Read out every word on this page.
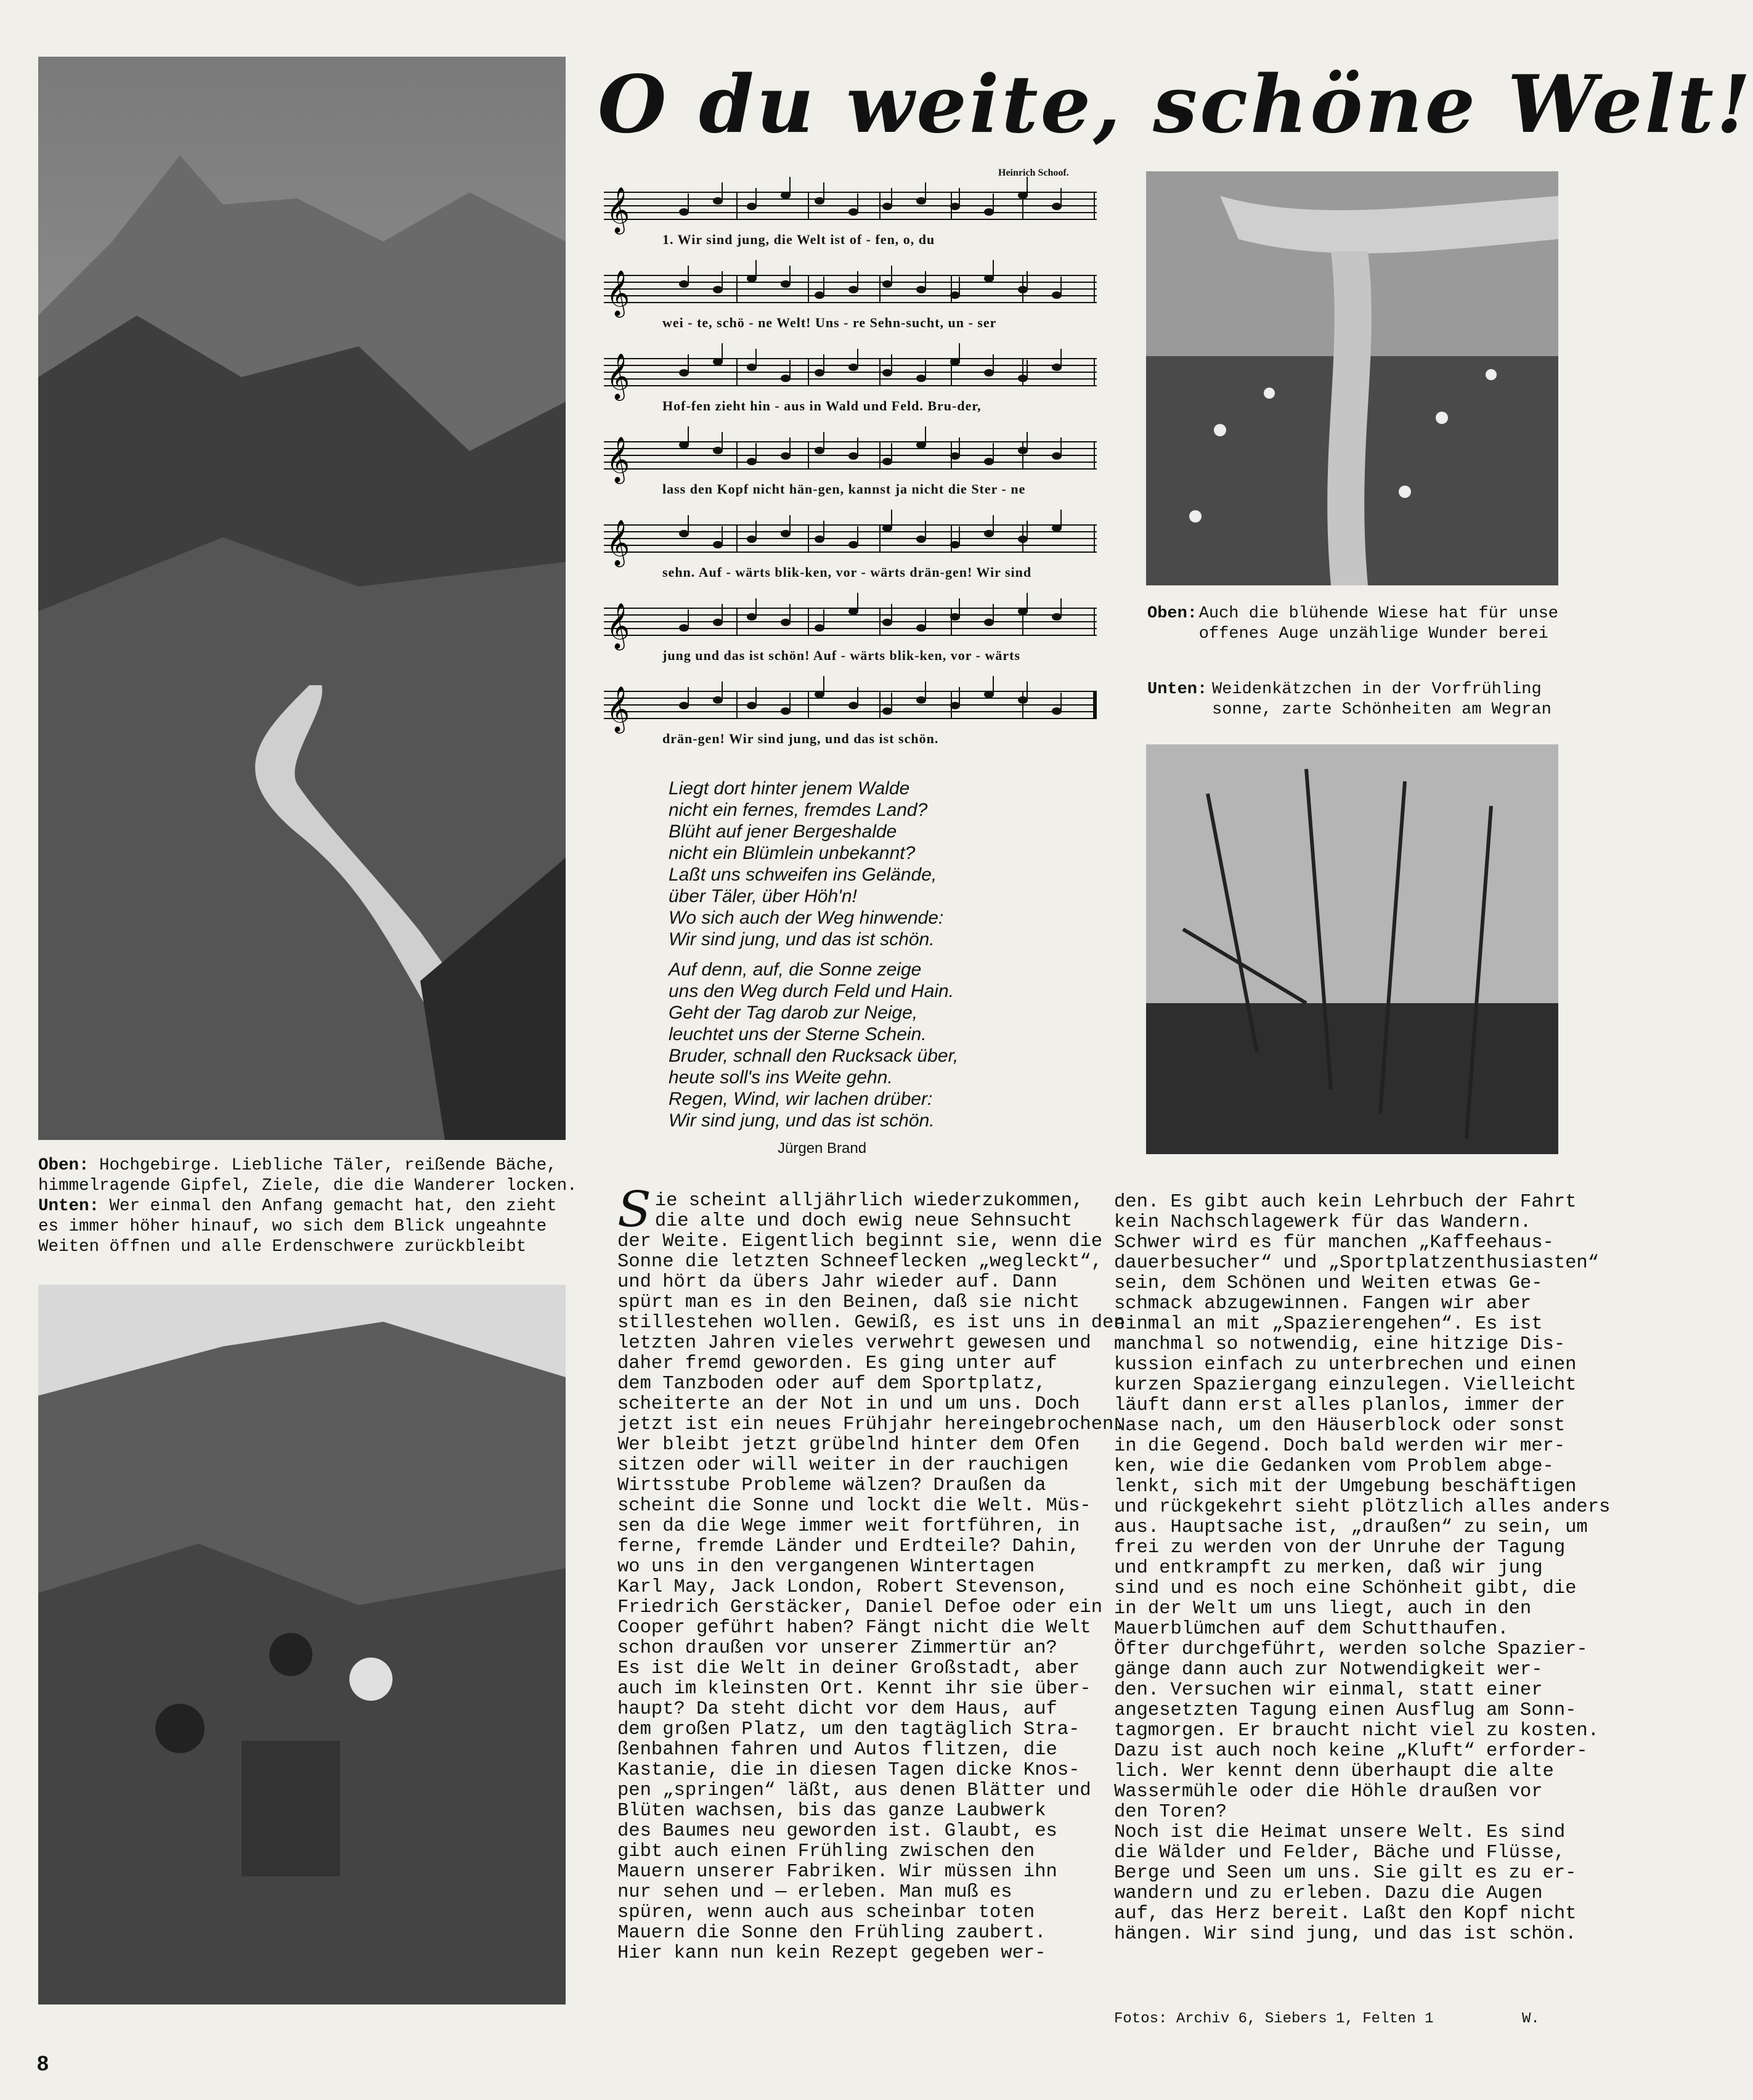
O du weite, schöne Welt!
Heinrich Schoof.
𝄞
1. Wir sind jung, die Welt ist of - fen, o, du
𝄞
wei - te, schö - ne Welt! Uns - re Sehn-sucht, un - ser
𝄞
Hof-fen zieht hin - aus in Wald und Feld. Bru-der,
𝄞
lass den Kopf nicht hän-gen, kannst ja nicht die Ster - ne
𝄞
sehn. Auf - wärts blik-ken, vor - wärts drän-gen! Wir sind
𝄞
jung und das ist schön! Auf - wärts blik-ken, vor - wärts
𝄞
drän-gen! Wir sind jung, und das ist schön.
Liegt dort hinter jenem Walde
nicht ein fernes, fremdes Land?
Blüht auf jener Bergeshalde
nicht ein Blümlein unbekannt?
Laßt uns schweifen ins Gelände,
über Täler, über Höh'n!
Wo sich auch der Weg hinwende:
Wir sind jung, und das ist schön.
Auf denn, auf, die Sonne zeige
uns den Weg durch Feld und Hain.
Geht der Tag darob zur Neige,
leuchtet uns der Sterne Schein.
Bruder, schnall den Rucksack über,
heute soll's ins Weite gehn.
Regen, Wind, wir lachen drüber:
Wir sind jung, und das ist schön.
Jürgen Brand
Oben: Hochgebirge. Liebliche Täler, reißende Bäche,
himmelragende Gipfel, Ziele, die die Wanderer locken.
Unten: Wer einmal den Anfang gemacht hat, den zieht
es immer höher hinauf, wo sich dem Blick ungeahnte
Weiten öffnen und alle Erdenschwere zurückbleibt
Oben: Auch die blühende Wiese hat für unse
offenes Auge unzählige Wunder berei
Unten: Weidenkätzchen in der Vorfrühling
sonne, zarte Schönheiten am Wegran
S ie scheint alljährlich wiederzukommen,
die alte und doch ewig neue Sehnsucht
der Weite. Eigentlich beginnt sie, wenn die
Sonne die letzten Schneeflecken „wegleckt“,
und hört da übers Jahr wieder auf. Dann
spürt man es in den Beinen, daß sie nicht
stillestehen wollen. Gewiß, es ist uns in den
letzten Jahren vieles verwehrt gewesen und
daher fremd geworden. Es ging unter auf
dem Tanzboden oder auf dem Sportplatz,
scheiterte an der Not in und um uns. Doch
jetzt ist ein neues Frühjahr hereingebrochen.
Wer bleibt jetzt grübelnd hinter dem Ofen
sitzen oder will weiter in der rauchigen
Wirtsstube Probleme wälzen? Draußen da
scheint die Sonne und lockt die Welt. Müs-
sen da die Wege immer weit fortführen, in
ferne, fremde Länder und Erdteile? Dahin,
wo uns in den vergangenen Wintertagen
Karl May, Jack London, Robert Stevenson,
Friedrich Gerstäcker, Daniel Defoe oder ein
Cooper geführt haben? Fängt nicht die Welt
schon draußen vor unserer Zimmertür an?
Es ist die Welt in deiner Großstadt, aber
auch im kleinsten Ort. Kennt ihr sie über-
haupt? Da steht dicht vor dem Haus, auf
dem großen Platz, um den tagtäglich Stra-
ßenbahnen fahren und Autos flitzen, die
Kastanie, die in diesen Tagen dicke Knos-
pen „springen“ läßt, aus denen Blätter und
Blüten wachsen, bis das ganze Laubwerk
des Baumes neu geworden ist. Glaubt, es
gibt auch einen Frühling zwischen den
Mauern unserer Fabriken. Wir müssen ihn
nur sehen und — erleben. Man muß es
spüren, wenn auch aus scheinbar toten
Mauern die Sonne den Frühling zaubert.
Hier kann nun kein Rezept gegeben wer-
den. Es gibt auch kein Lehrbuch der Fahrt
kein Nachschlagewerk für das Wandern.
Schwer wird es für manchen „Kaffeehaus-
dauerbesucher“ und „Sportplatzenthusiasten“
sein, dem Schönen und Weiten etwas Ge-
schmack abzugewinnen. Fangen wir aber
einmal an mit „Spazierengehen“. Es ist
manchmal so notwendig, eine hitzige Dis-
kussion einfach zu unterbrechen und einen
kurzen Spaziergang einzulegen. Vielleicht
läuft dann erst alles planlos, immer der
Nase nach, um den Häuserblock oder sonst
in die Gegend. Doch bald werden wir mer-
ken, wie die Gedanken vom Problem abge-
lenkt, sich mit der Umgebung beschäftigen
und rückgekehrt sieht plötzlich alles anders
aus. Hauptsache ist, „draußen“ zu sein, um
frei zu werden von der Unruhe der Tagung
und entkrampft zu merken, daß wir jung
sind und es noch eine Schönheit gibt, die
in der Welt um uns liegt, auch in den
Mauerblümchen auf dem Schutthaufen.
Öfter durchgeführt, werden solche Spazier-
gänge dann auch zur Notwendigkeit wer-
den. Versuchen wir einmal, statt einer
angesetzten Tagung einen Ausflug am Sonn-
tagmorgen. Er braucht nicht viel zu kosten.
Dazu ist auch noch keine „Kluft“ erforder-
lich. Wer kennt denn überhaupt die alte
Wassermühle oder die Höhle draußen vor
den Toren?
Noch ist die Heimat unsere Welt. Es sind
die Wälder und Felder, Bäche und Flüsse,
Berge und Seen um uns. Sie gilt es zu er-
wandern und zu erleben. Dazu die Augen
auf, das Herz bereit. Laßt den Kopf nicht
hängen. Wir sind jung, und das ist schön.
Fotos: Archiv 6, Siebers 1, Felten 1	W.
8
